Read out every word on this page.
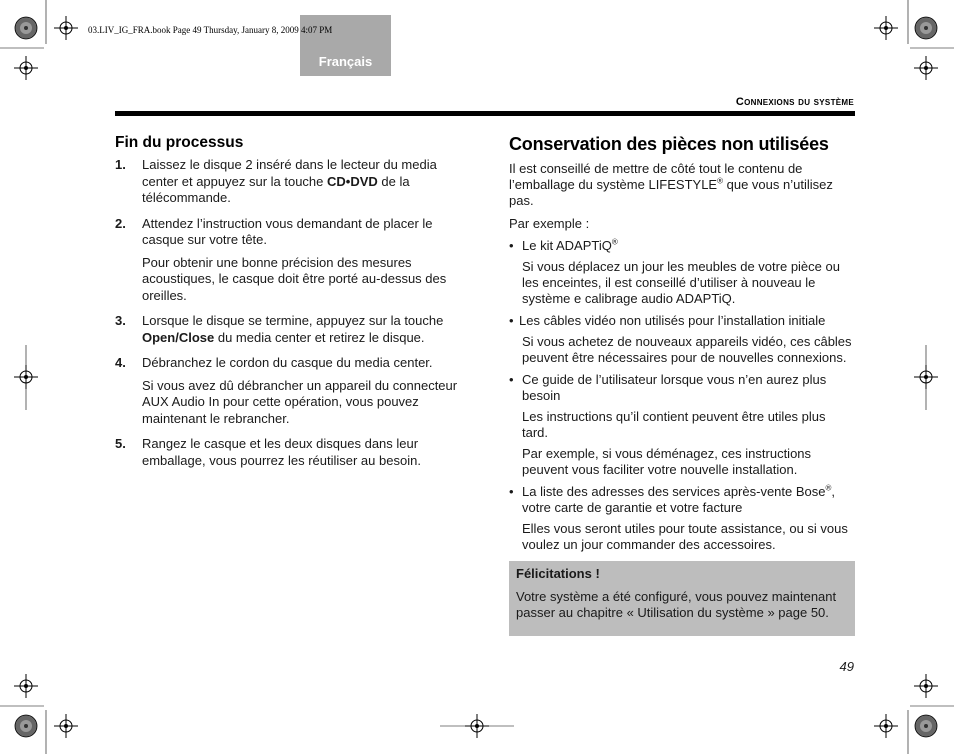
03.LIV_IG_FRA.book Page 49 Thursday, January 8, 2009 4:07 PM
Français
Connexions du système
Fin du processus
1. Laissez le disque 2 inséré dans le lecteur du media center et appuyez sur la touche CD•DVD de la télécommande.

2. Attendez l’instruction vous demandant de placer le casque sur votre tête.

Pour obtenir une bonne précision des mesures acoustiques, le casque doit être porté au-dessus des oreilles.

3. Lorsque le disque se termine, appuyez sur la touche Open/Close du media center et retirez le disque.

4. Débranchez le cordon du casque du media center.

Si vous avez dû débrancher un appareil du connecteur AUX Audio In pour cette opération, vous pouvez maintenant le rebrancher.

5. Rangez le casque et les deux disques dans leur emballage, vous pourrez les réutiliser au besoin.

Conservation des pièces non utilisées

Il est conseillé de mettre de côté tout le contenu de l’emballage du système LIFESTYLE® que vous n’utilisez pas.

Par exemple :

• Le kit ADAPTiQ®
Si vous déplacez un jour les meubles de votre pièce ou les enceintes, il est conseillé d’utiliser à nouveau le système e calibrage audio ADAPTiQ.
• Les câbles vidéo non utilisés pour l’installation initiale
Si vous achetez de nouveaux appareils vidéo, ces câbles peuvent être nécessaires pour de nouvelles connexions.
• Ce guide de l’utilisateur lorsque vous n’en aurez plus besoin
Les instructions qu’il contient peuvent être utiles plus tard.
Par exemple, si vous déménagez, ces instructions peuvent vous faciliter votre nouvelle installation.
• La liste des adresses des services après-vente Bose®, votre carte de garantie et votre facture
Elles vous seront utiles pour toute assistance, ou si vous voulez un jour commander des accessoires.
Félicitations !
Votre système a été configuré, vous pouvez maintenant passer au chapitre « Utilisation du système » page 50.
49
